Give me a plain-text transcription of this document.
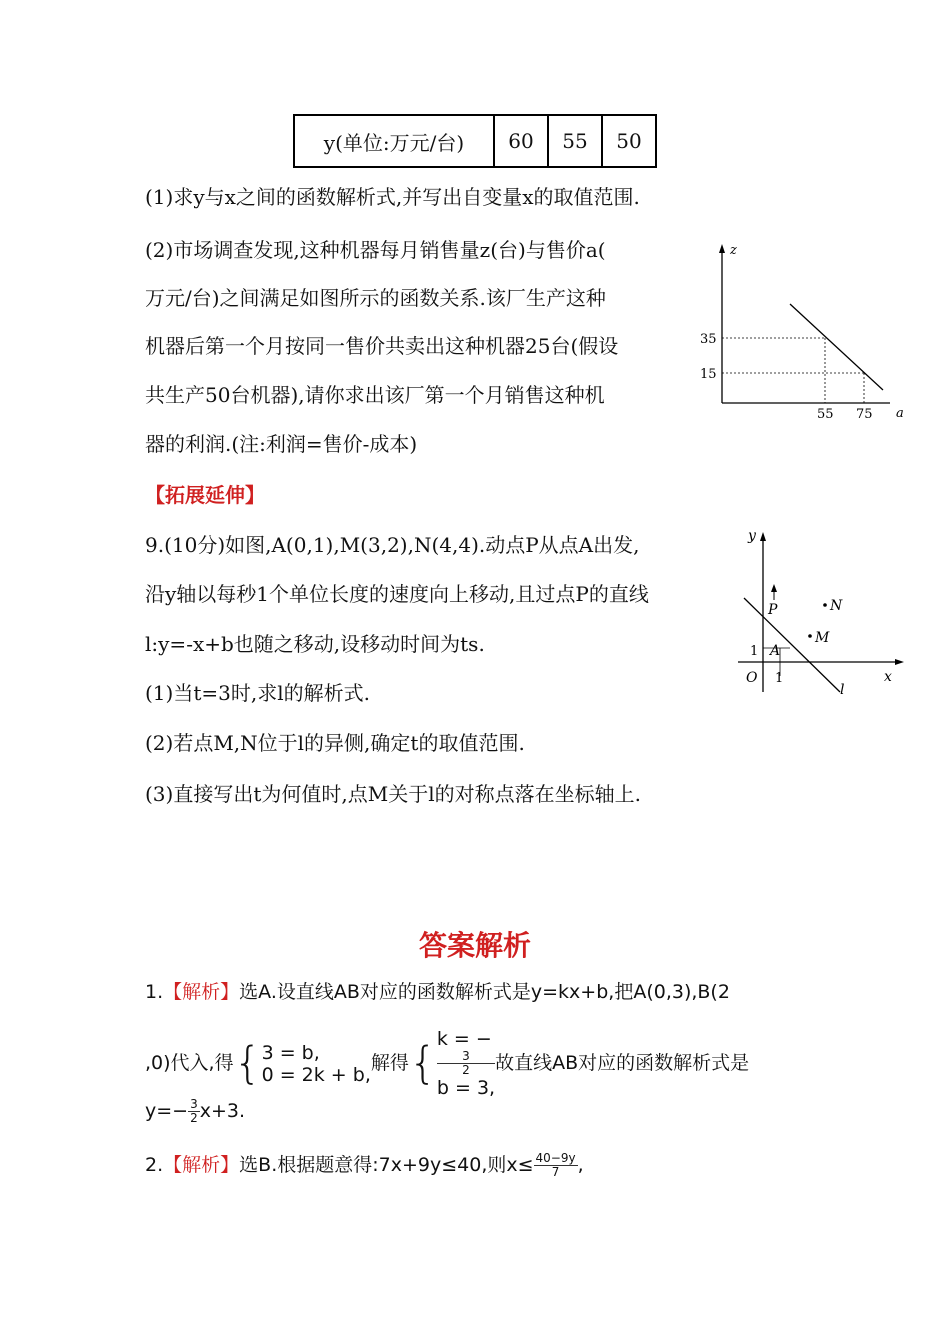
y(单位:万元/台)	60	55	50
(1)求y与x之间的函数解析式,并写出自变量x的取值范围.
(2)市场调查发现,这种机器每月销售量z(台)与售价a(
万元/台)之间满足如图所示的函数关系.该厂生产这种
机器后第一个月按同一售价共卖出这种机器25台(假设
共生产50台机器),请你求出该厂第一个月销售这种机
器的利润.(注:利润=售价-成本)
z
a
35
15
55 75
【拓展延伸】
9.(10分)如图,A(0,1),M(3,2),N(4,4).动点P从点A出发,
沿y轴以每秒1个单位长度的速度向上移动,且过点P的直线
l:y=-x+b也随之移动,设移动时间为ts.
(1)当t=3时,求l的解析式.
(2)若点M,N位于l的异侧,确定t的取值范围.
(3)直接写出t为何值时,点M关于l的对称点落在坐标轴上.
y
x
O 1
1
P	N
M
A
l
答案解析
1.【解析】选A.设直线AB对应的函数解析式是y=kx+b,把A(0,3),B(2
,0)代入,得{ 3 = b,
0 = 2k + b,
解得{ k = −
3
2
b = 3,
故直线AB对应的函数解析式是
$y=- \frac{3}{2} x+3$.
2.【解析】选B.根据题意得:7x+9y≤40,则$x\le \frac{40-9y}{7}$ ,
